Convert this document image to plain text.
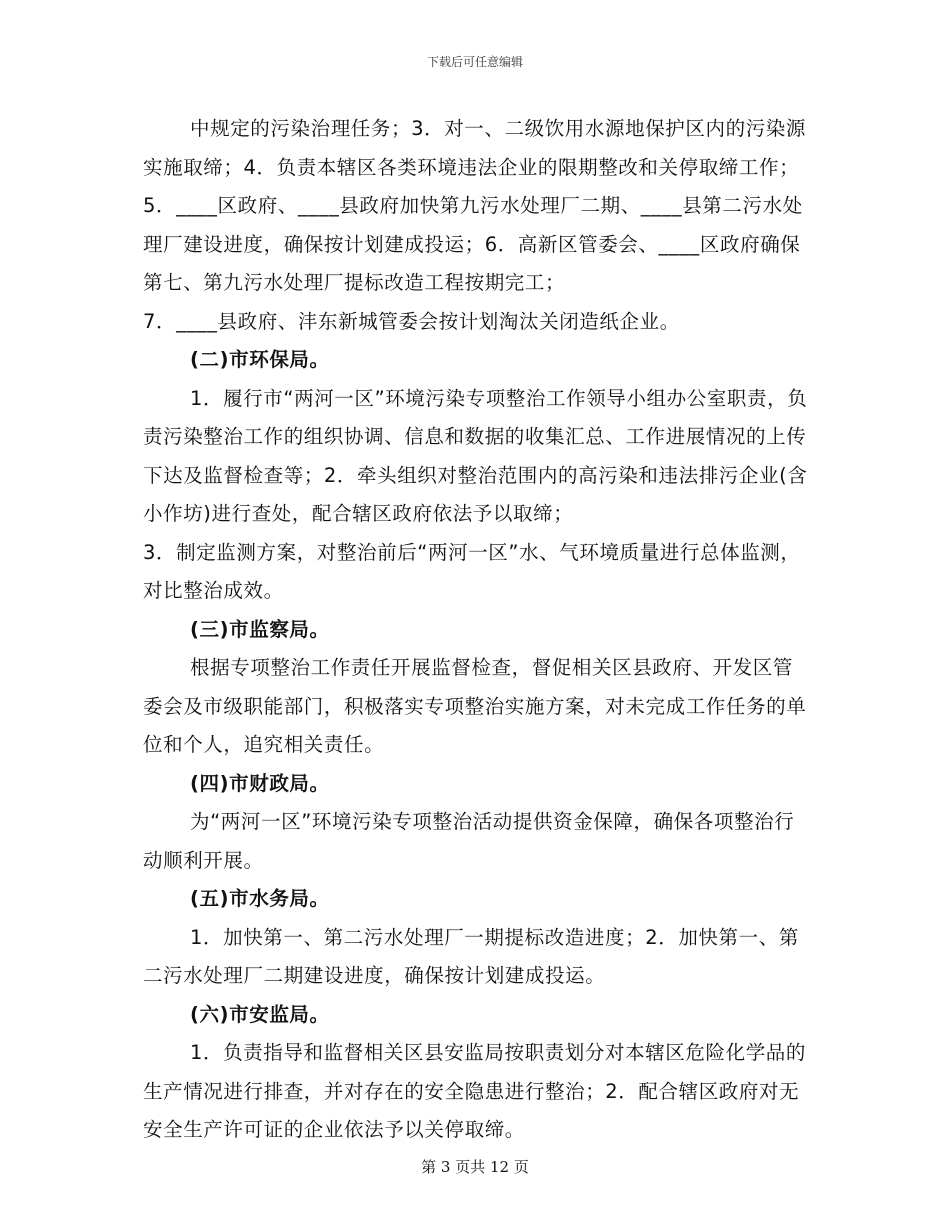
下载后可任意编辑

中规定的污染治理任务；3．对一、二级饮用水源地保护区内的污染源实施取缔；4．负责本辖区各类环境违法企业的限期整改和关停取缔工作；5．____区政府、____县政府加快第九污水处理厂二期、____县第二污水处理厂建设进度，确保按计划建成投运；6．高新区管委会、____区政府确保第七、第九污水处理厂提标改造工程按期完工；

7．____县政府、沣东新城管委会按计划淘汰关闭造纸企业。

(二)市环保局。

1．履行市“两河一区”环境污染专项整治工作领导小组办公室职责，负责污染整治工作的组织协调、信息和数据的收集汇总、工作进展情况的上传下达及监督检查等；2．牵头组织对整治范围内的高污染和违法排污企业(含小作坊)进行查处，配合辖区政府依法予以取缔；

3．制定监测方案，对整治前后“两河一区”水、气环境质量进行总体监测，对比整治成效。

(三)市监察局。

根据专项整治工作责任开展监督检查，督促相关区县政府、开发区管委会及市级职能部门，积极落实专项整治实施方案，对未完成工作任务的单位和个人，追究相关责任。

(四)市财政局。

为“两河一区”环境污染专项整治活动提供资金保障，确保各项整治行动顺利开展。

(五)市水务局。

1．加快第一、第二污水处理厂一期提标改造进度；2．加快第一、第二污水处理厂二期建设进度，确保按计划建成投运。

(六)市安监局。

1．负责指导和监督相关区县安监局按职责划分对本辖区危险化学品的生产情况进行排查，并对存在的安全隐患进行整治；2．配合辖区政府对无安全生产许可证的企业依法予以关停取缔。

第 3 页共 12 页
